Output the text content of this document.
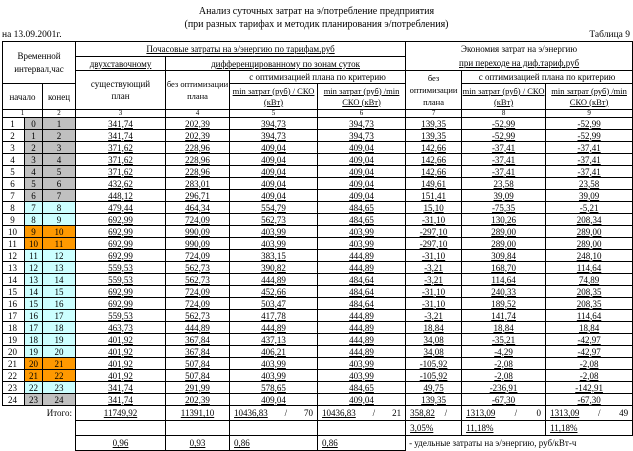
Анализ суточных затрат на э/потребление предприятия
(при разных тарифах и методик планирования э/потребления)
на 13.09.2001г.	Таблица 9
Временной интервал,час			Почасовые затраты на э/энергию по тарифам,руб				Экономия затрат на э/энергию
при переходе на диф.тариф,руб		

			двухставочному	дифференцированному по зонам суток					
			существующий план	без оптимизации плана	с оптимизацией плана по критерию		без оптимизации плана	с оптимизацией плана по критерию	
начало		конец			min затрат (руб) / СКО (кВт)	min затрат (руб) /min СКО (кВт)		min затрат (руб) / СКО (кВт)	min затрат (руб) /min СКО (кВт)
1		2	3	4	5	6	7	8	9
1	0	1	341,74	202,39	394,73	394,73	139,35	-52,99	-52,99
2	1	2	341,74	202,39	394,73	394,73	139,35	-52,99	-52,99
3	2	3	371,62	228,96	409,04	409,04	142,66	-37,41	-37,41
4	3	4	371,62	228,96	409,04	409,04	142,66	-37,41	-37,41
5	4	5	371,62	228,96	409,04	409,04	142,66	-37,41	-37,41
6	5	6	432,62	283,01	409,04	409,04	149,61	23,58	23,58
7	6	7	448,12	296,71	409,04	409,04	151,41	39,09	39,09
8	7	8	479,44	464,34	554,79	484,65	15,10	-75,35	-5,21
9	8	9	692,99	724,09	562,73	484,65	-31,10	130,26	208,34
10	9	10	692,99	990,09	403,99	403,99	-297,10	289,00	289,00
11	10	11	692,99	990,09	403,99	403,99	-297,10	289,00	289,00
12	11	12	692,99	724,09	383,15	444,89	-31,10	309,84	248,10
13	12	13	559,53	562,73	390,82	444,89	-3,21	168,70	114,64
14	13	14	559,53	562,73	444,89	484,64	-3,21	114,64	74,89
15	14	15	692,99	724,09	452,66	484,64	-31,10	240,33	208,35
16	15	16	692,99	724,09	503,47	484,64	-31,10	189,52	208,35
17	16	17	559,53	562,73	417,78	444,89	-3,21	141,74	114,64
18	17	18	463,73	444,89	444,89	444,89	18,84	18,84	18,84
19	18	19	401,92	367,84	437,13	444,89	34,08	-35,21	-42,97
20	19	20	401,92	367,84	406,21	444,89	34,08	-4,29	-42,97
21	20	21	401,92	507,84	403,99	403,99	-105,92	-2,08	-2,08
22	21	22	401,92	507,84	403,99	403,99	-105,92	-2,08	-2,08
23	22	23	341,74	291,99	578,65	484,65	49,75	-236,91	-142,91
24	23	24	341,74	202,39	409,04	409,04	139,35	-67,30	-67,30
Итого:			11749,92	11391,10	10436,83 / 70	10436,83 / 21	358,82 /	1313,09 / 0	1313,09 / 49

							3,05%	11,18%	11,18%
			0,96	0,93	0,86	0,86	- удельные затраты на э/энергию, руб/кВт-ч		
